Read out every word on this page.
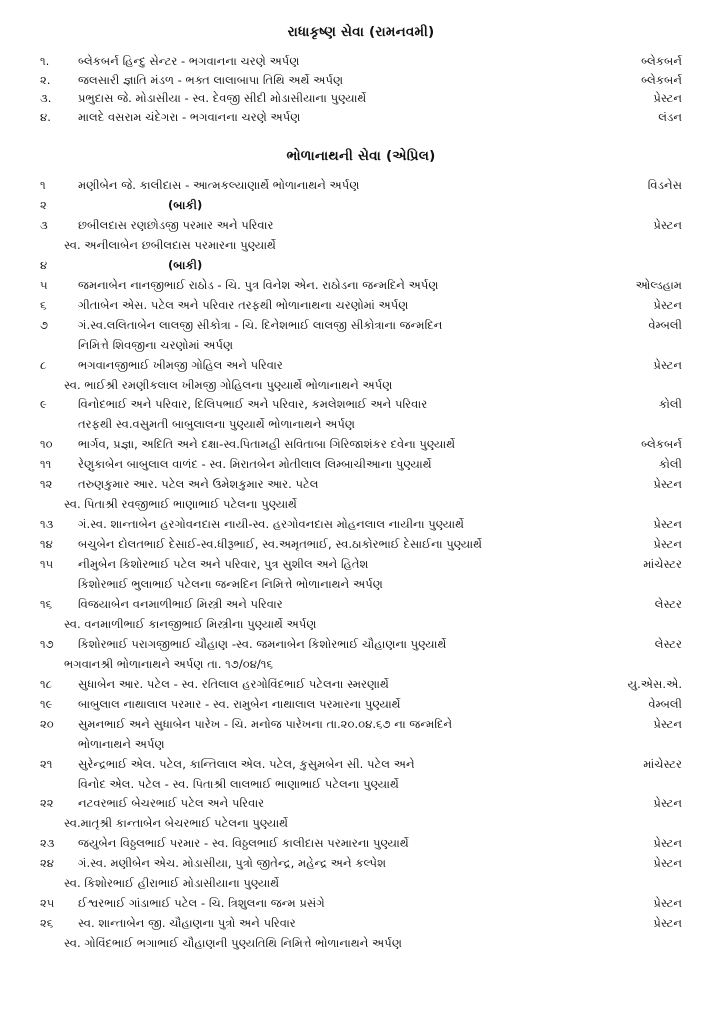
રાધાકૃષ્ણ સેવા (રામનવમી)
૧.	બ્લેકબર્ન હિન્દુ સેન્ટર - ભગવાનના ચરણે અર્પણ	બ્લેકબર્ન
૨.	જલસારી જ્ઞાતિ મંડળ - ભક્ત લાલાબાપા તિથિ અર્થે અર્પણ	બ્લેકબર્ન
૩.	પ્રભુદાસ જે. મોડાસીયા - સ્વ. દેવજી સીદી મોડાસીયાના પુણ્યાર્થે	પ્રેસ્ટન
૪.	માલદે વસરામ ચંદેગરા - ભગવાનના ચરણે અર્પણ	લંડન
ભોળાનાથની સેવા (એપ્રિલ)
૧	મણીબેન જે. કાલીદાસ - આત્મકલ્યાણાર્થે ભોળાનાથને અર્પણ	વિડનેસ
૨	(બાકી)
૩	છબીલદાસ રણછોડજી પરમાર અને પરિવાર	પ્રેસ્ટન
સ્વ. અનીલાબેન છબીલદાસ પરમારના પુણ્યાર્થે
૪	(બાકી)
૫	જમનાબેન નાનજીભાઈ રાઠોડ - ચિ. પુત્ર વિનેશ એન. રાઠોડના જન્મદિને અર્પણ	ઓલ્ડહામ
૬	ગીતાબેન એસ. પટેલ અને પરિવાર તરફથી ભોળાનાથના ચરણોમાં અર્પણ	પ્રેસ્ટન
૭	ગં.સ્વ.લલિતાબેન લાલજી સીકોત્રા - ચિ. દિનેશભાઈ લાલજી સીકોત્રાના જન્મદિન	વેમ્બલી
નિમિત્તે શિવજીના ચરણોમાં અર્પણ
૮	ભગવાનજીભાઈ ખીમજી ગોહિલ અને પરિવાર	પ્રેસ્ટન
સ્વ. ભાઈશ્રી રમણીકલાલ ખીમજી ગોહિલના પુણ્યાર્થે ભોળાનાથને અર્પણ
૯	વિનોદભાઈ અને પરિવાર, દિલિપભાઈ અને પરિવાર, કમલેશભાઈ અને પરિવાર	કોલી
તરફથી સ્વ.વસુમતી બાબુલાલના પુણ્યાર્થે ભોળાનાથને અર્પણ
૧૦	ભાર્ગવ, પ્રજ્ઞા, અદિતિ અને દક્ષા-સ્વ.પિતામહી સવિતાબા ગિરિજાશંકર દવેના પુણ્યાર્થે	બ્લેકબર્ન
૧૧	રેણુકાબેન બાબુલાલ વાળંદ - સ્વ. મિરાતબેન મોતીલાલ લિમ્બાચીઆના પુણ્યાર્થે	કોલી
૧૨	તરુણકુમાર આર. પટેલ અને ઉમેશકુમાર આર. પટેલ	પ્રેસ્ટન
સ્વ. પિતાશ્રી રવજીભાઈ ભાણાભાઈ પટેલના પુણ્યાર્થે
૧૩	ગં.સ્વ. શાન્તાબેન હરગોવનદાસ નાયી-સ્વ. હરગોવનદાસ મોહનલાલ નાયીના પુણ્યાર્થે	પ્રેસ્ટન
૧૪	બચુબેન દોલતભાઈ દેસાઈ-સ્વ.ધીરૂભાઈ, સ્વ.અમૃતભાઈ, સ્વ.ઠાકોરભાઈ દેસાઈના પુણ્યાર્થે	પ્રેસ્ટન
૧૫	નીમુબેન કિશોરભાઈ પટેલ અને પરિવાર, પુત્ર સુશીલ અને હિતેશ	માંચેસ્ટર
કિશોરભાઈ ભુલાભાઈ પટેલના જન્મદિન નિમિત્તે ભોળાનાથને અર્પણ
૧૬	વિજયાબેન વનમાળીભાઈ મિસ્ત્રી અને પરિવાર	લેસ્ટર
સ્વ. વનમાળીભાઈ કાનજીભાઈ મિસ્ત્રીના પુણ્યાર્થે અર્પણ
૧૭	કિશોરભાઈ પરાગજીભાઈ ચૌહાણ -સ્વ. જમનાબેન કિશોરભાઈ ચૌહાણના પુણ્યાર્થે	લેસ્ટર
ભગવાનશ્રી ભોળાનાથને અર્પણ તા. ૧૭/૦૪/૧૬
૧૮	સુધાબેન આર. પટેલ - સ્વ. રતિલાલ હરગોવિંદભાઈ પટેલના સ્મરણાર્થે	યુ.એસ.એ.
૧૯	બાબુલાલ નાથાલાલ પરમાર - સ્વ. રામુબેન નાથાલાલ પરમારના પુણ્યાર્થે	વેમ્બલી
૨૦	સુમનભાઈ અને સુધાબેન પારેખ - ચિ. મનોજ પારેખના તા.૨૦.૦૪.૬૭ ના જન્મદિને	પ્રેસ્ટન
ભોળાનાથને અર્પણ
૨૧	સુરેન્દ્રભાઈ એલ. પટેલ, કાન્તિલાલ એલ. પટેલ, કુસુમબેન સી. પટેલ અને	માંચેસ્ટર
વિનોદ એલ. પટેલ - સ્વ. પિતાશ્રી લાલભાઈ ભાણાભાઈ પટેલના પુણ્યાર્થે
૨૨	નટવરભાઈ બેચરભાઈ પટેલ અને પરિવાર	પ્રેસ્ટન
સ્વ.માતૃશ્રી કાન્તાબેન બેચરભાઈ પટેલના પુણ્યાર્થે
૨૩	જયુબેન વિઠ્ઠલભાઈ પરમાર - સ્વ. વિઠ્ઠલભાઈ કાલીદાસ પરમારના પુણ્યાર્થે	પ્રેસ્ટન
૨૪	ગં.સ્વ. મણીબેન એચ. મોડાસીયા, પુત્રો જીતેન્દ્ર, મહેન્દ્ર અને કલ્પેશ	પ્રેસ્ટન
સ્વ. કિશોરભાઈ હીરાભાઈ મોડાસીયાના પુણ્યાર્થે
૨૫	ઈશ્વરભાઈ ગાંડાભાઈ પટેલ - ચિ. ત્રિશુલના જન્મ પ્રસંગે	પ્રેસ્ટન
૨૬	સ્વ. શાન્તાબેન જી. ચૌહાણના પુત્રો અને પરિવાર	પ્રેસ્ટન
સ્વ. ગોવિંદભાઈ ભગાભાઈ ચૌહાણની પુણ્યતિથિ નિમિત્તે ભોળાનાથને અર્પણ
